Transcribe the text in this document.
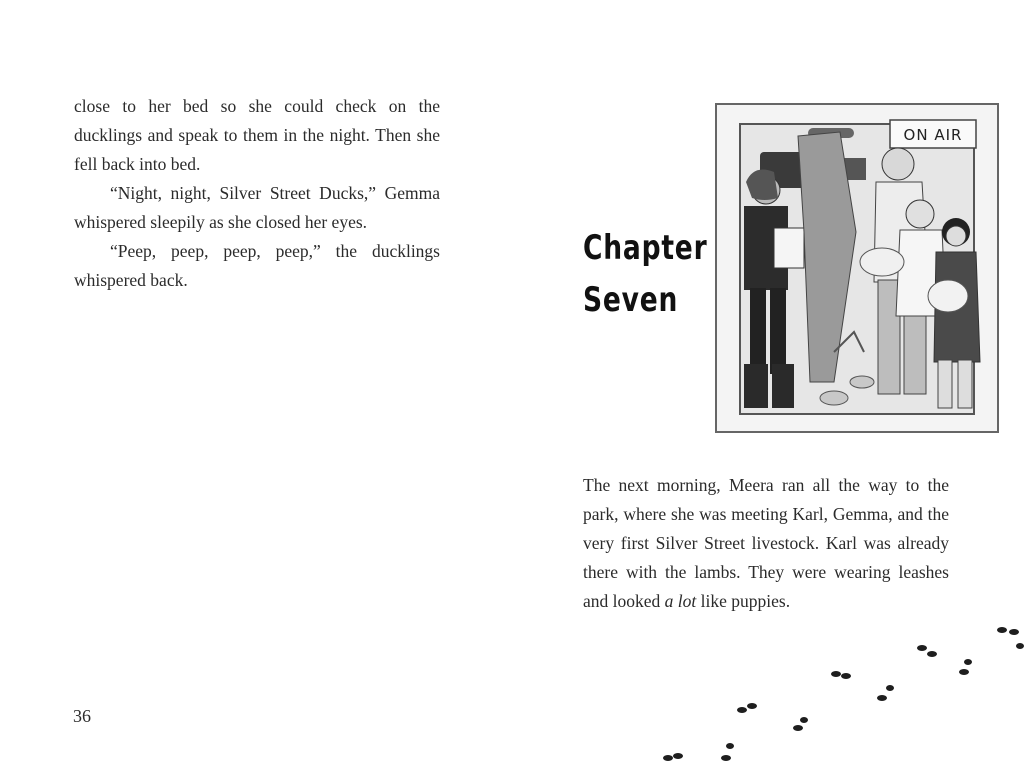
close to her bed so she could check on the ducklings and speak to them in the night. Then she fell back into bed.

“Night, night, Silver Street Ducks,” Gemma whispered sleepily as she closed her eyes.

“Peep, peep, peep, peep,” the ducklings whispered back.

36
Chapter
Seven
ON AIR

The next morning, Meera ran all the way to the park, where she was meeting Karl, Gemma, and the very first Silver Street livestock. Karl was already there with the lambs. They were wearing leashes and looked a lot like puppies.
